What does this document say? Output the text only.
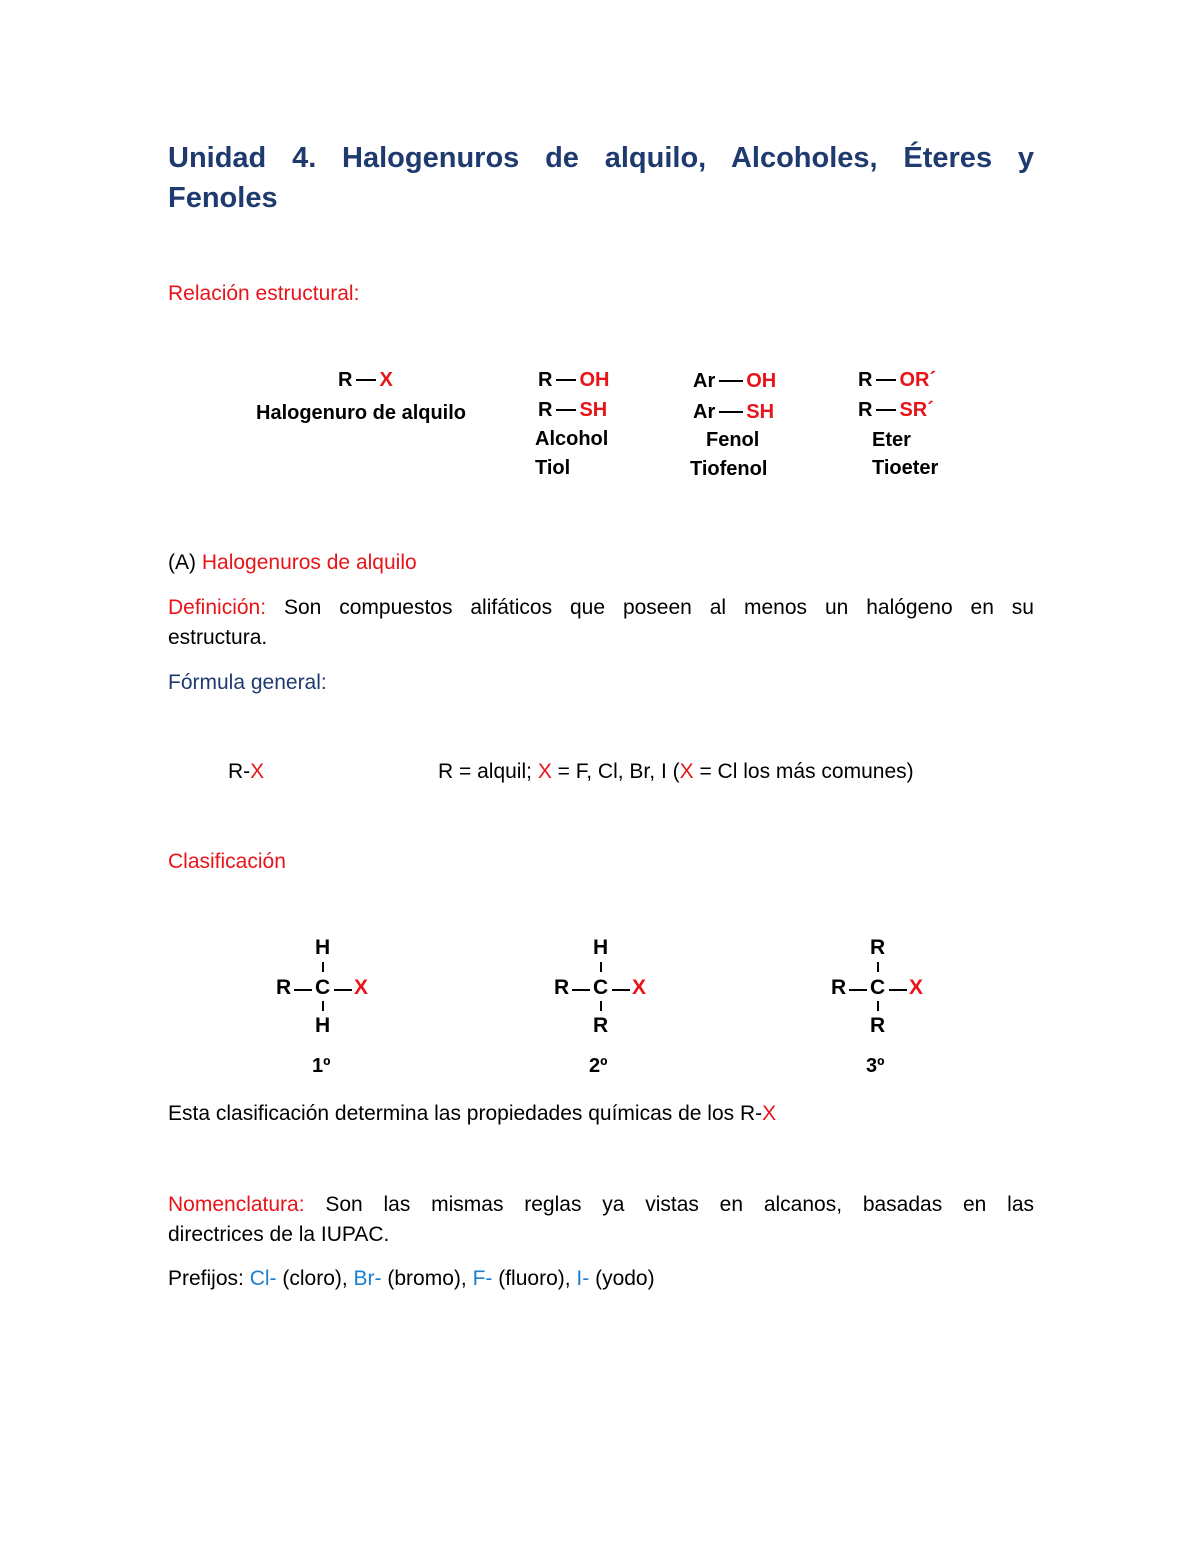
Unidad 4. Halogenuros de alquilo, Alcoholes, Éteres y
Fenoles
Relación estructural:
R X
Halogenuro de alquilo
R OH
R SH
Alcohol
Tiol
Ar OH
Ar SH
Fenol
Tiofenol
R OR´
R SR´
Eter
Tioeter
(A) Halogenuros de alquilo
Definición: Son compuestos alifáticos que poseen al menos un halógeno en su
estructura.
Fórmula general:
R-X	R = alquil; X = F, Cl, Br, I (X = Cl los más comunes)
Clasificación
H
R C X
H
1º
H
R C X
R
2º
R
R C X
R
3º
Esta clasificación determina las propiedades químicas de los R-X
Nomenclatura: Son las mismas reglas ya vistas en alcanos, basadas en las
directrices de la IUPAC.
Prefijos: Cl- (cloro), Br- (bromo), F- (fluoro), I- (yodo)
